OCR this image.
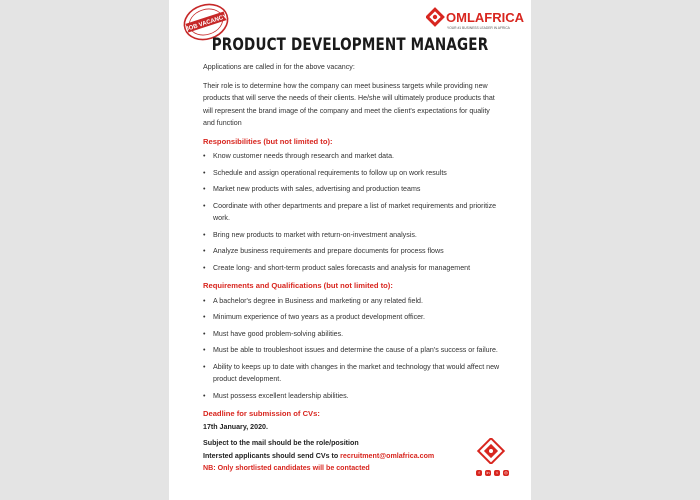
JOB VACANCY	OMLAFRICA
YOUR #1 BUSINESS LEADER IN AFRICA
PRODUCT DEVELOPMENT MANAGER

Applications are called in for the above vacancy:

Their role is to determine how the company can meet business targets while providing new products that will serve the needs of their clients. He/she will ultimately produce products that will represent the brand image of the company and meet the client's expectations for quality and function

Responsibilities (but not limited to):
• Know customer needs through research and market data.
• Schedule and assign operational requirements to follow up on work results
• Market new products with sales, advertising and production teams
• Coordinate with other departments and prepare a list of market requirements and prioritize work.
• Bring new products to market with return-on-investment analysis.
• Analyze business requirements and prepare documents for process flows
• Create long- and short-term product sales forecasts and analysis for management
Requirements and Qualifications (but not limited to):
• A bachelor's degree in Business and marketing or any related field.
• Minimum experience of two years as a product development officer.
• Must have good problem-solving abilities.
• Must be able to troubleshoot issues and determine the cause of a plan's success or failure.
• Ability to keeps up to date with changes in the market and technology that would affect new product development.
• Must possess excellent leadership abilities.
Deadline for submission of CVs:
17th January, 2020.
Subject to the mail should be the role/position
Intersted applicants should send CVs to recruitment@omlafrica.com
NB: Only shortlisted candidates will be contacted
f	in	t	◎
